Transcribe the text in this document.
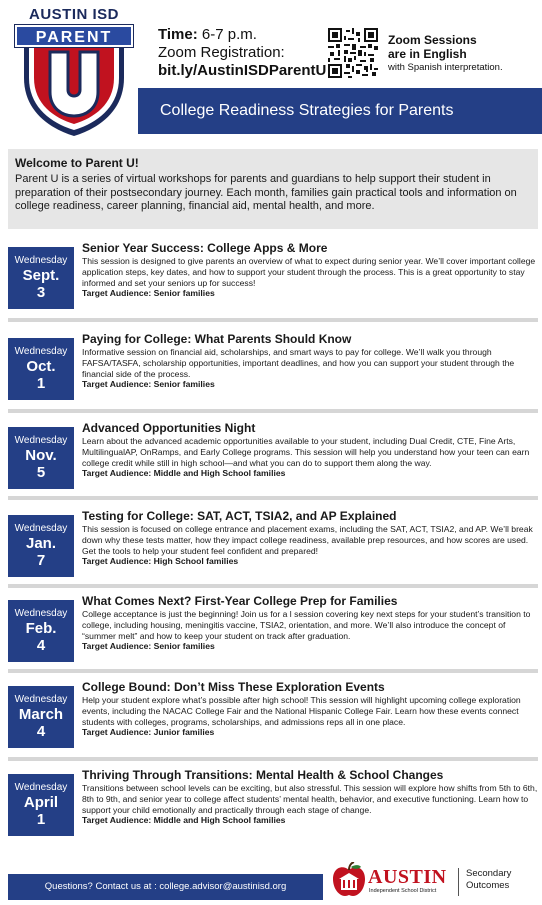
AUSTIN ISD
PARENT	Time: 6-7 p.m.
Zoom Registration:
bit.ly/AustinISDParentU
Zoom Sessions
are in English
with Spanish interpretation.
College Readiness Strategies for Parents
Welcome to Parent U!
Parent U is a series of virtual workshops for parents and guardians to help support their student in preparation of their postsecondary journey. Each month, families gain practical tools and information on college readiness, career planning, financial aid, mental health, and more.
Wednesday
Sept.
3
Senior Year Success: College Apps & More
This session is designed to give parents an overview of what to expect during senior year. We’ll cover important college application steps, key dates, and how to support your student through the process. This is a great opportunity to stay informed and set your seniors up for success!
Target Audience: Senior families
Wednesday
Oct.
1
Paying for College: What Parents Should Know
Informative session on financial aid, scholarships, and smart ways to pay for college. We’ll walk you through FAFSA/TASFA, scholarship opportunities, important deadlines, and how you can support your student through the financial side of the process.
Target Audience: Senior families
Wednesday
Nov.
5
Advanced Opportunities Night
Learn about the advanced academic opportunities available to your student, including Dual Credit, CTE, Fine Arts, MultilingualAP, OnRamps, and Early College programs. This session will help you understand how your teen can earn college credit while still in high school—and what you can do to support them along the way.
Target Audience: Middle and High School families
Wednesday
Jan.
7
Testing for College: SAT, ACT, TSIA2, and AP Explained
This session is focused on college entrance and placement exams, including the SAT, ACT, TSIA2, and AP. We’ll break down why these tests matter, how they impact college readiness, available prep resources, and how scores are used. Get the tools to help your student feel confident and prepared!
Target Audience: High School families
Wednesday
Feb.
4
What Comes Next? First-Year College Prep for Families
College acceptance is just the beginning! Join us for a l session covering key next steps for your student’s transition to college, including housing, meningitis vaccine, TSIA2, orientation, and more. We’ll also introduce the concept of “summer melt” and how to keep your student on track after graduation.
Target Audience: Senior families
Wednesday
March
4
College Bound: Don’t Miss These Exploration Events
Help your student explore what’s possible after high school! This session will highlight upcoming college exploration events, including the NACAC College Fair and the National Hispanic College Fair. Learn how these events connect students with colleges, programs, scholarships, and admissions reps all in one place.
Target Audience: Junior families
Wednesday
April
1
Thriving Through Transitions: Mental Health & School Changes
Transitions between school levels can be exciting, but also stressful. This session will explore how shifts from 5th to 6th, 8th to 9th, and senior year to college affect students’ mental health, behavior, and executive functioning. Learn how to support your child emotionally and practically through each stage of change.
Target Audience: Middle and High School families
Questions? Contact us at : college.advisor@austinisd.org	AUSTIN
Independent School District
Secondary
Outcomes
